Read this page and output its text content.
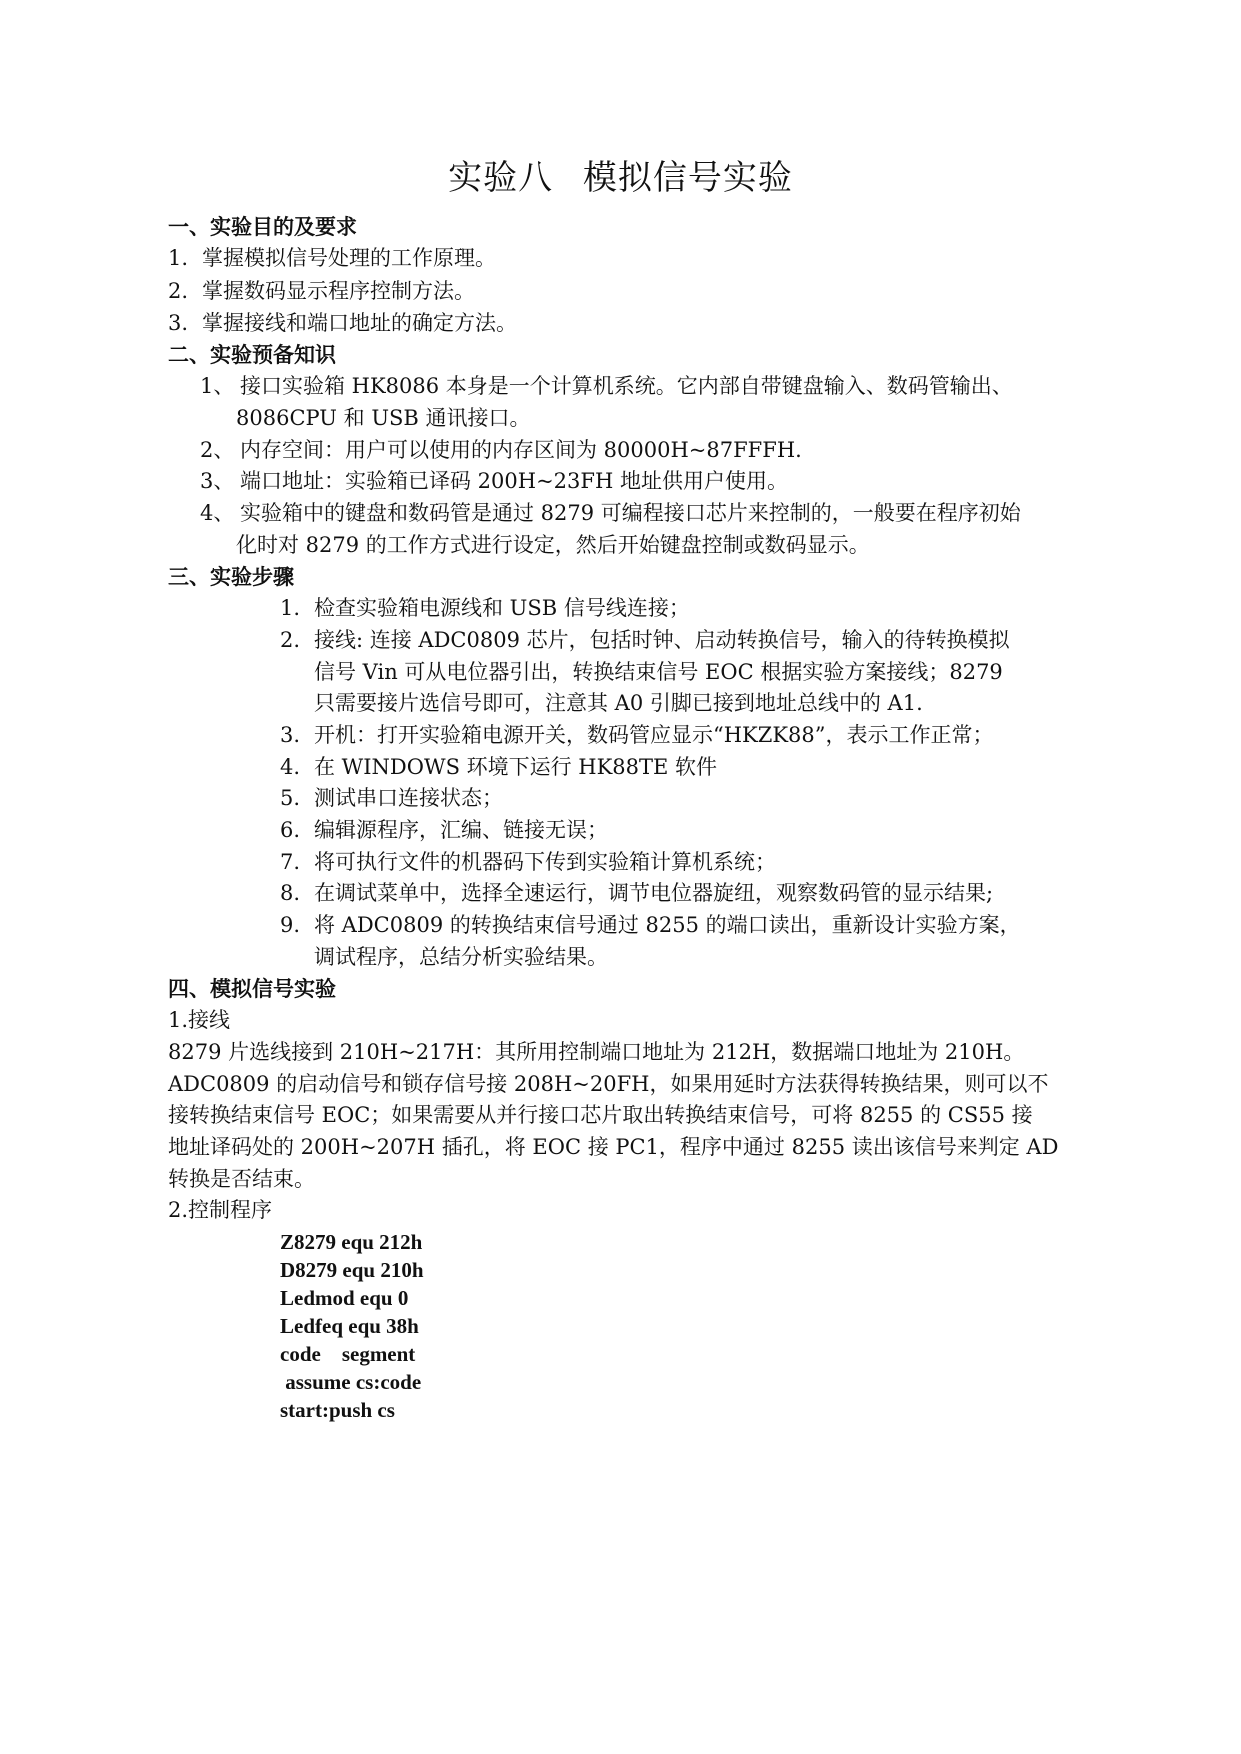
实验八 模拟信号实验
一、实验目的及要求
1. 掌握模拟信号处理的工作原理。
2. 掌握数码显示程序控制方法。
3. 掌握接线和端口地址的确定方法。
二、实验预备知识
1、 接口实验箱 HK8086 本身是一个计算机系统。它内部自带键盘输入、数码管输出、
8086CPU 和 USB 通讯接口。
2、 内存空间：用户可以使用的内存区间为 80000H~87FFFH.
3、 端口地址：实验箱已译码 200H~23FH 地址供用户使用。
4、 实验箱中的键盘和数码管是通过 8279 可编程接口芯片来控制的，一般要在程序初始
化时对 8279 的工作方式进行设定，然后开始键盘控制或数码显示。
三、实验步骤
1. 检查实验箱电源线和 USB 信号线连接；
2. 接线: 连接 ADC0809 芯片，包括时钟、启动转换信号，输入的待转换模拟
信号 Vin 可从电位器引出，转换结束信号 EOC 根据实验方案接线；8279
只需要接片选信号即可，注意其 A0 引脚已接到地址总线中的 A1.
3. 开机：打开实验箱电源开关，数码管应显示“HKZK88”，表示工作正常；
4. 在 WINDOWS 环境下运行 HK88TE 软件
5. 测试串口连接状态；
6. 编辑源程序，汇编、链接无误；
7. 将可执行文件的机器码下传到实验箱计算机系统；
8. 在调试菜单中，选择全速运行，调节电位器旋纽，观察数码管的显示结果;
9. 将 ADC0809 的转换结束信号通过 8255 的端口读出，重新设计实验方案，
调试程序，总结分析实验结果。
四、模拟信号实验
1.接线
8279 片选线接到 210H~217H：其所用控制端口地址为 212H，数据端口地址为 210H。
ADC0809 的启动信号和锁存信号接 208H~20FH，如果用延时方法获得转换结果，则可以不
接转换结束信号 EOC；如果需要从并行接口芯片取出转换结束信号，可将 8255 的 CS55 接
地址译码处的 200H~207H 插孔，将 EOC 接 PC1，程序中通过 8255 读出该信号来判定 AD
转换是否结束。
2.控制程序
Z8279 equ 212h
D8279 equ 210h
Ledmod equ 0
Ledfeq equ 38h
code    segment
assume cs:code
start:push cs
